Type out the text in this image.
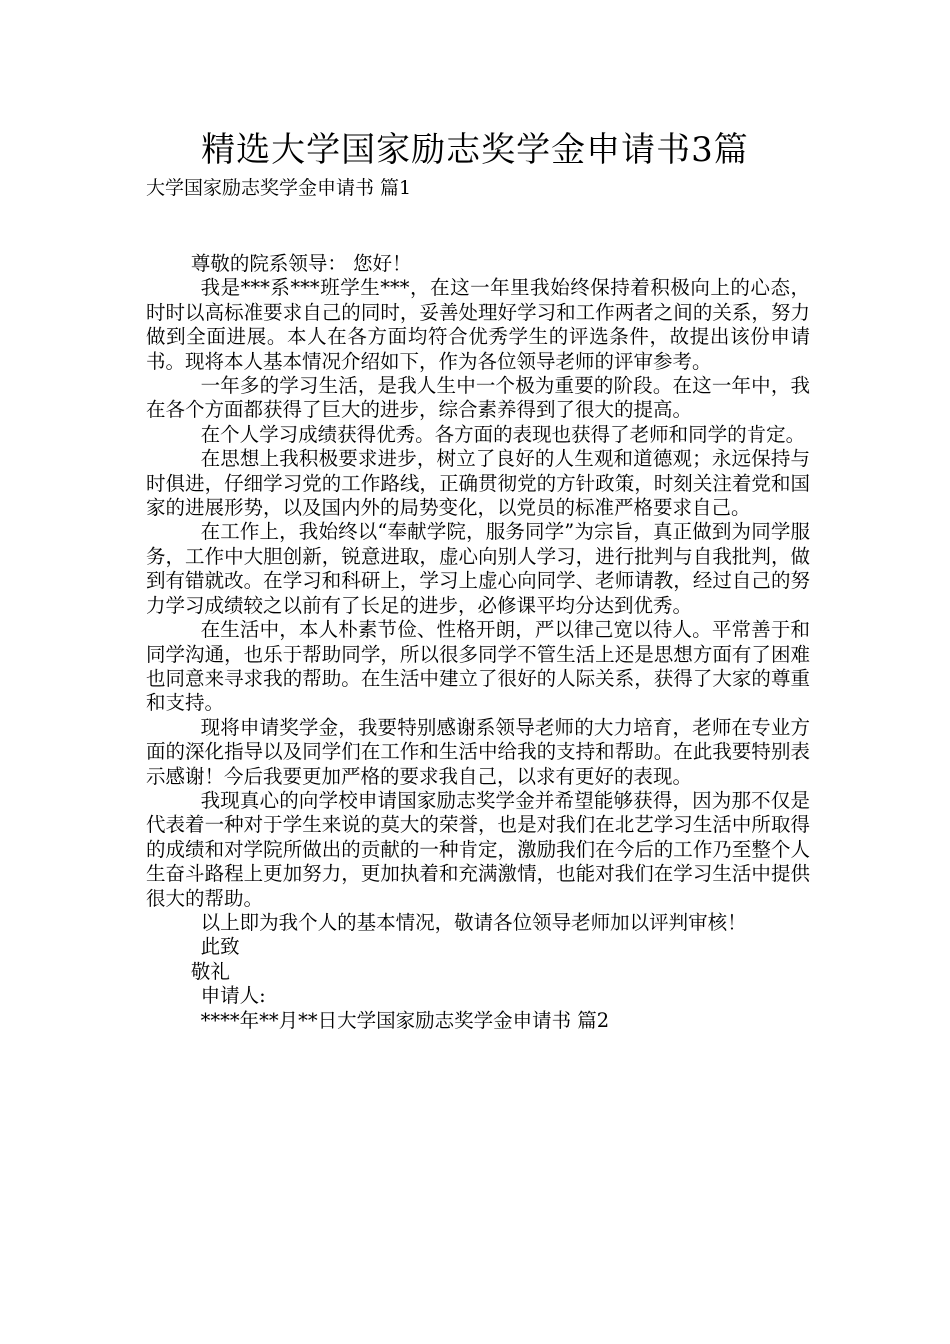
精选大学国家励志奖学金申请书3篇
大学国家励志奖学金申请书 篇1

尊敬的院系领导： 您好！

我是***系***班学生***，在这一年里我始终保持着积极向上的心态，时时以高标准要求自己的同时，妥善处理好学习和工作两者之间的关系，努力做到全面进展。本人在各方面均符合优秀学生的评选条件，故提出该份申请书。现将本人基本情况介绍如下，作为各位领导老师的评审参考。

一年多的学习生活，是我人生中一个极为重要的阶段。在这一年中，我在各个方面都获得了巨大的进步，综合素养得到了很大的提高。

在个人学习成绩获得优秀。各方面的表现也获得了老师和同学的肯定。

在思想上我积极要求进步，树立了良好的人生观和道德观；永远保持与时俱进，仔细学习党的工作路线，正确贯彻党的方针政策，时刻关注着党和国家的进展形势，以及国内外的局势变化，以党员的标准严格要求自己。

在工作上，我始终以“奉献学院，服务同学”为宗旨，真正做到为同学服务，工作中大胆创新，锐意进取，虚心向别人学习，进行批判与自我批判，做到有错就改。在学习和科研上，学习上虚心向同学、老师请教，经过自己的努力学习成绩较之以前有了长足的进步，必修课平均分达到优秀。

在生活中，本人朴素节俭、性格开朗，严以律己宽以待人。平常善于和同学沟通，也乐于帮助同学，所以很多同学不管生活上还是思想方面有了困难也同意来寻求我的帮助。在生活中建立了很好的人际关系，获得了大家的尊重和支持。

现将申请奖学金，我要特别感谢系领导老师的大力培育，老师在专业方面的深化指导以及同学们在工作和生活中给我的支持和帮助。在此我要特别表示感谢！今后我要更加严格的要求我自己，以求有更好的表现。

我现真心的向学校申请国家励志奖学金并希望能够获得，因为那不仅是代表着一种对于学生来说的莫大的荣誉，也是对我们在北艺学习生活中所取得的成绩和对学院所做出的贡献的一种肯定，激励我们在今后的工作乃至整个人生奋斗路程上更加努力，更加执着和充满激情，也能对我们在学习生活中提供很大的帮助。

以上即为我个人的基本情况，敬请各位领导老师加以评判审核！

此致

敬礼

申请人:

****年**月**日大学国家励志奖学金申请书 篇2
